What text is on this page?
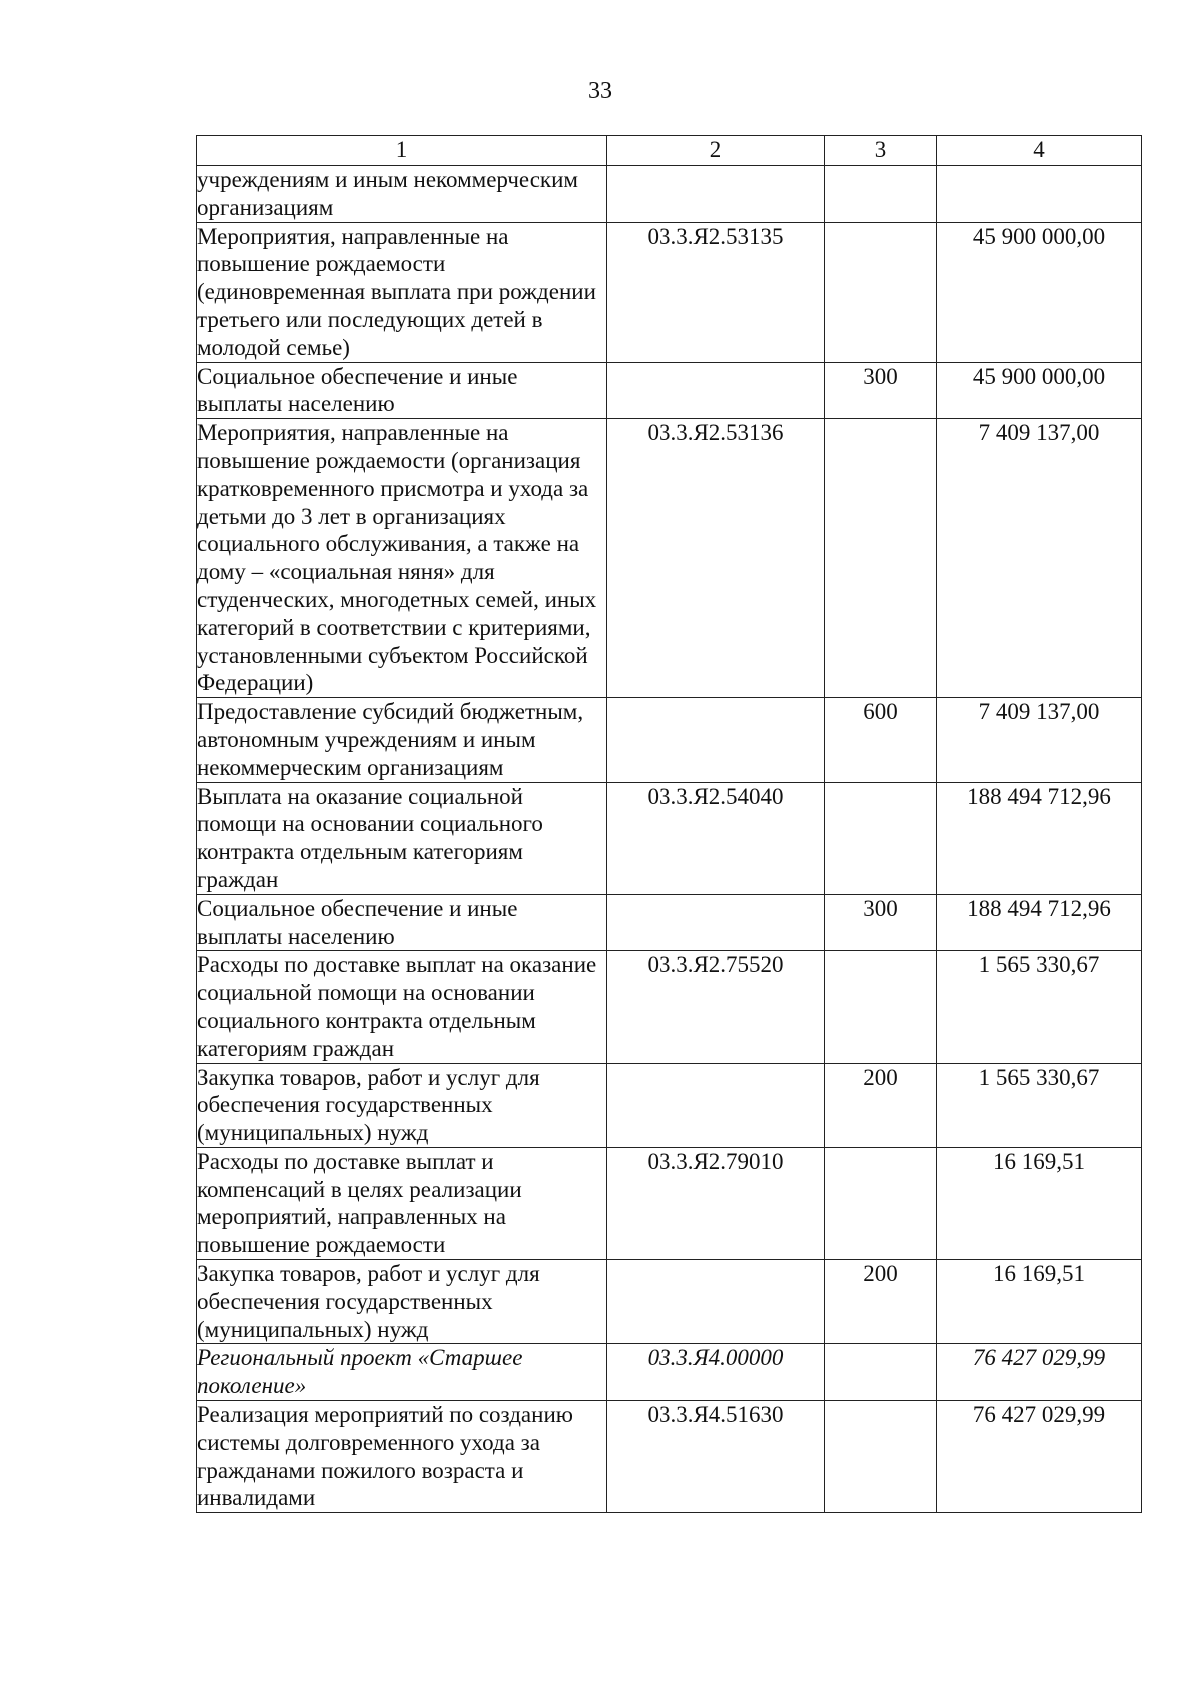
33
1	2	3	4
учреждениям и иным некоммерческим организациям			
Мероприятия, направленные на повышение рождаемости (единовременная выплата при рождении третьего или последующих детей в молодой семье)	03.3.Я2.53135		45 900 000,00
Социальное обеспечение и иные выплаты населению		300	45 900 000,00
Мероприятия, направленные на повышение рождаемости (организация кратковременного присмотра и ухода за детьми до 3 лет в организациях социального обслуживания, а также на дому – «социальная няня» для студенческих, многодетных семей, иных категорий в соответствии с критериями, установленными субъектом Российской Федерации)	03.3.Я2.53136		7 409 137,00
Предоставление субсидий бюджетным, автономным учреждениям и иным некоммерческим организациям		600	7 409 137,00
Выплата на оказание социальной помощи на основании социального контракта отдельным категориям граждан	03.3.Я2.54040		188 494 712,96
Социальное обеспечение и иные выплаты населению		300	188 494 712,96
Расходы по доставке выплат на оказание социальной помощи на основании социального контракта отдельным категориям граждан	03.3.Я2.75520		1 565 330,67
Закупка товаров, работ и услуг для обеспечения государственных (муниципальных) нужд		200	1 565 330,67
Расходы по доставке выплат и компенсаций в целях реализации мероприятий, направленных на повышение рождаемости	03.3.Я2.79010		16 169,51
Закупка товаров, работ и услуг для обеспечения государственных (муниципальных) нужд		200	16 169,51
Региональный проект «Старшее поколение»	03.3.Я4.00000		76 427 029,99
Реализация мероприятий по созданию системы долговременного ухода за гражданами пожилого возраста и инвалидами	03.3.Я4.51630		76 427 029,99
